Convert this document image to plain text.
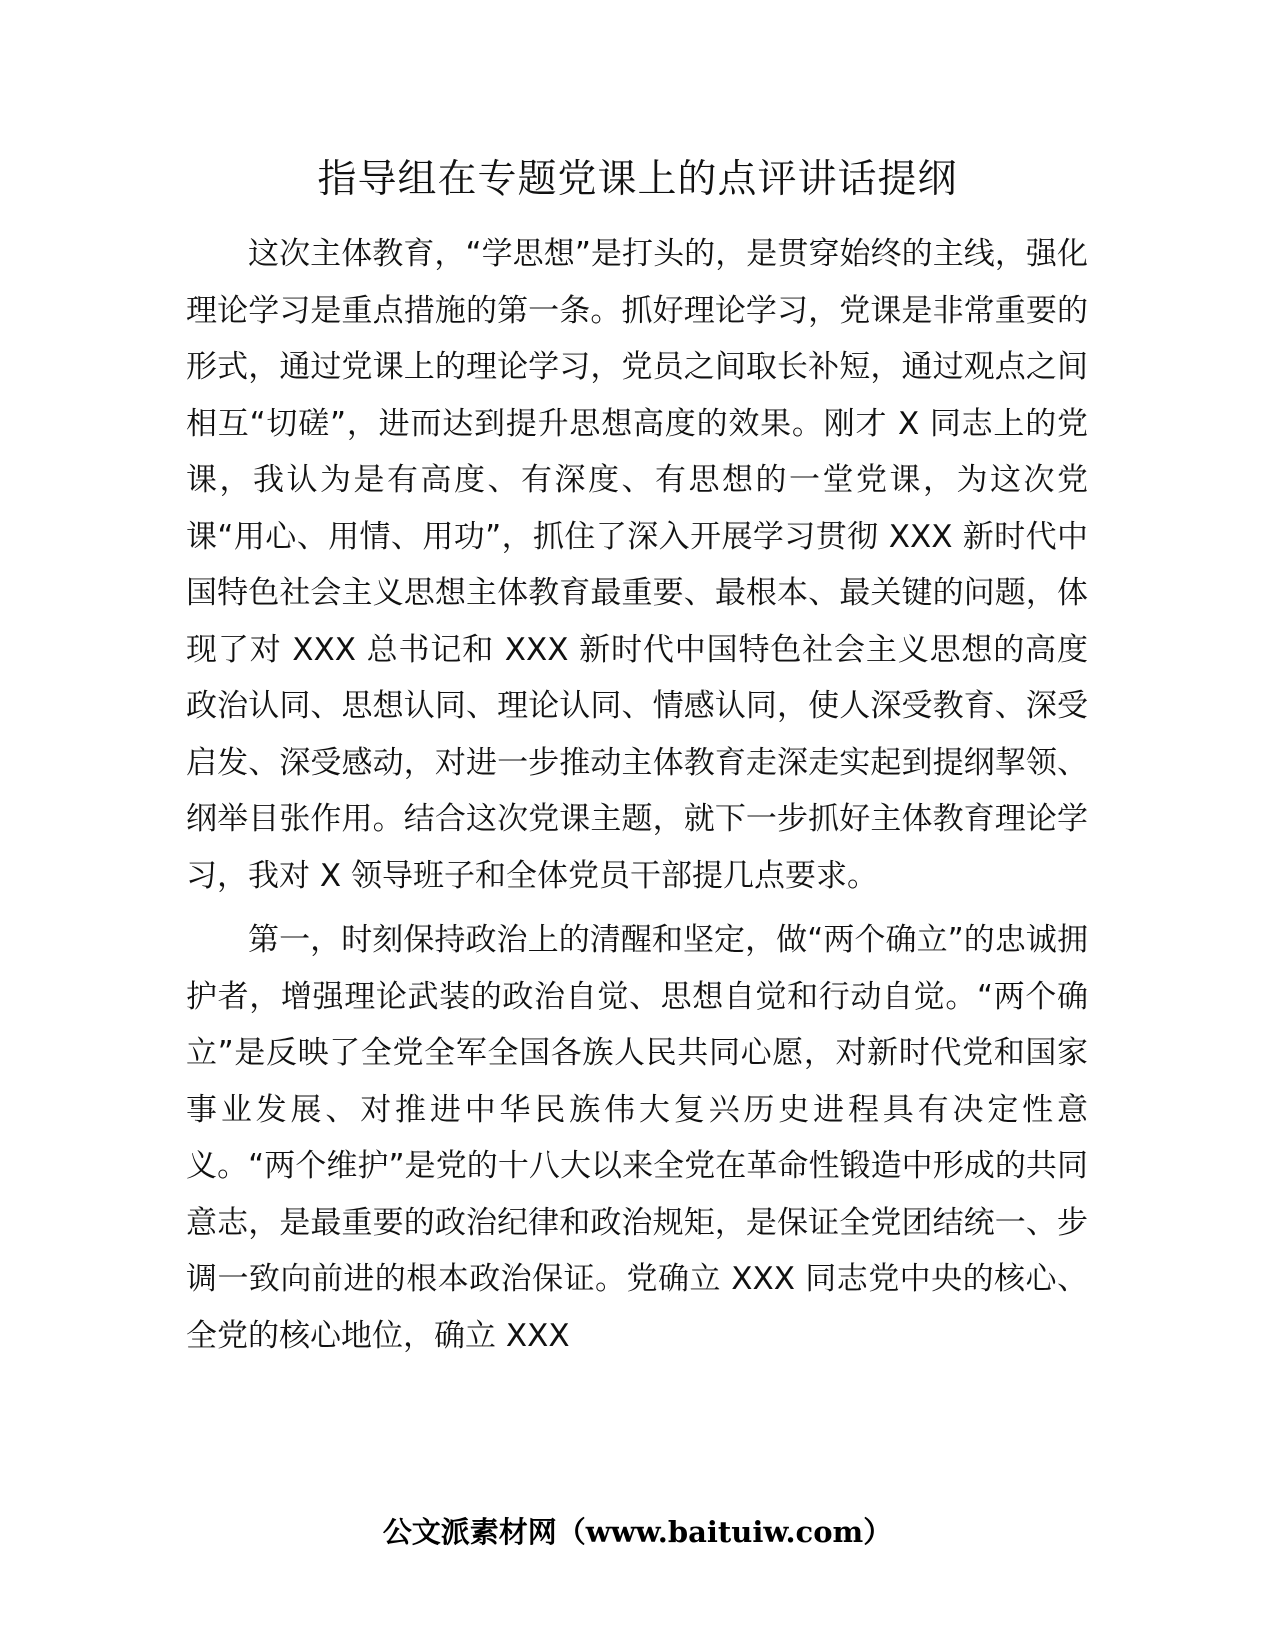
指导组在专题党课上的点评讲话提纲

这次主体教育，“学思想”是打头的，是贯穿始终的主线，强化理论学习是重点措施的第一条。抓好理论学习，党课是非常重要的形式，通过党课上的理论学习，党员之间取长补短，通过观点之间相互“切磋”，进而达到提升思想高度的效果。刚才 X 同志上的党课，我认为是有高度、有深度、有思想的一堂党课，为这次党课“用心、用情、用功”，抓住了深入开展学习贯彻 XXX 新时代中国特色社会主义思想主体教育最重要、最根本、最关键的问题，体现了对 XXX 总书记和 XXX 新时代中国特色社会主义思想的高度政治认同、思想认同、理论认同、情感认同，使人深受教育、深受启发、深受感动，对进一步推动主体教育走深走实起到提纲挈领、纲举目张作用。结合这次党课主题，就下一步抓好主体教育理论学习，我对 X 领导班子和全体党员干部提几点要求。

第一，时刻保持政治上的清醒和坚定，做“两个确立”的忠诚拥护者，增强理论武装的政治自觉、思想自觉和行动自觉。“两个确立”是反映了全党全军全国各族人民共同心愿，对新时代党和国家事业发展、对推进中华民族伟大复兴历史进程具有决定性意义。“两个维护”是党的十八大以来全党在革命性锻造中形成的共同意志，是最重要的政治纪律和政治规矩，是保证全党团结统一、步调一致向前进的根本政治保证。党确立 XXX 同志党中央的核心、全党的核心地位，确立 XXX

公文派素材网（www.baituiw.com）
